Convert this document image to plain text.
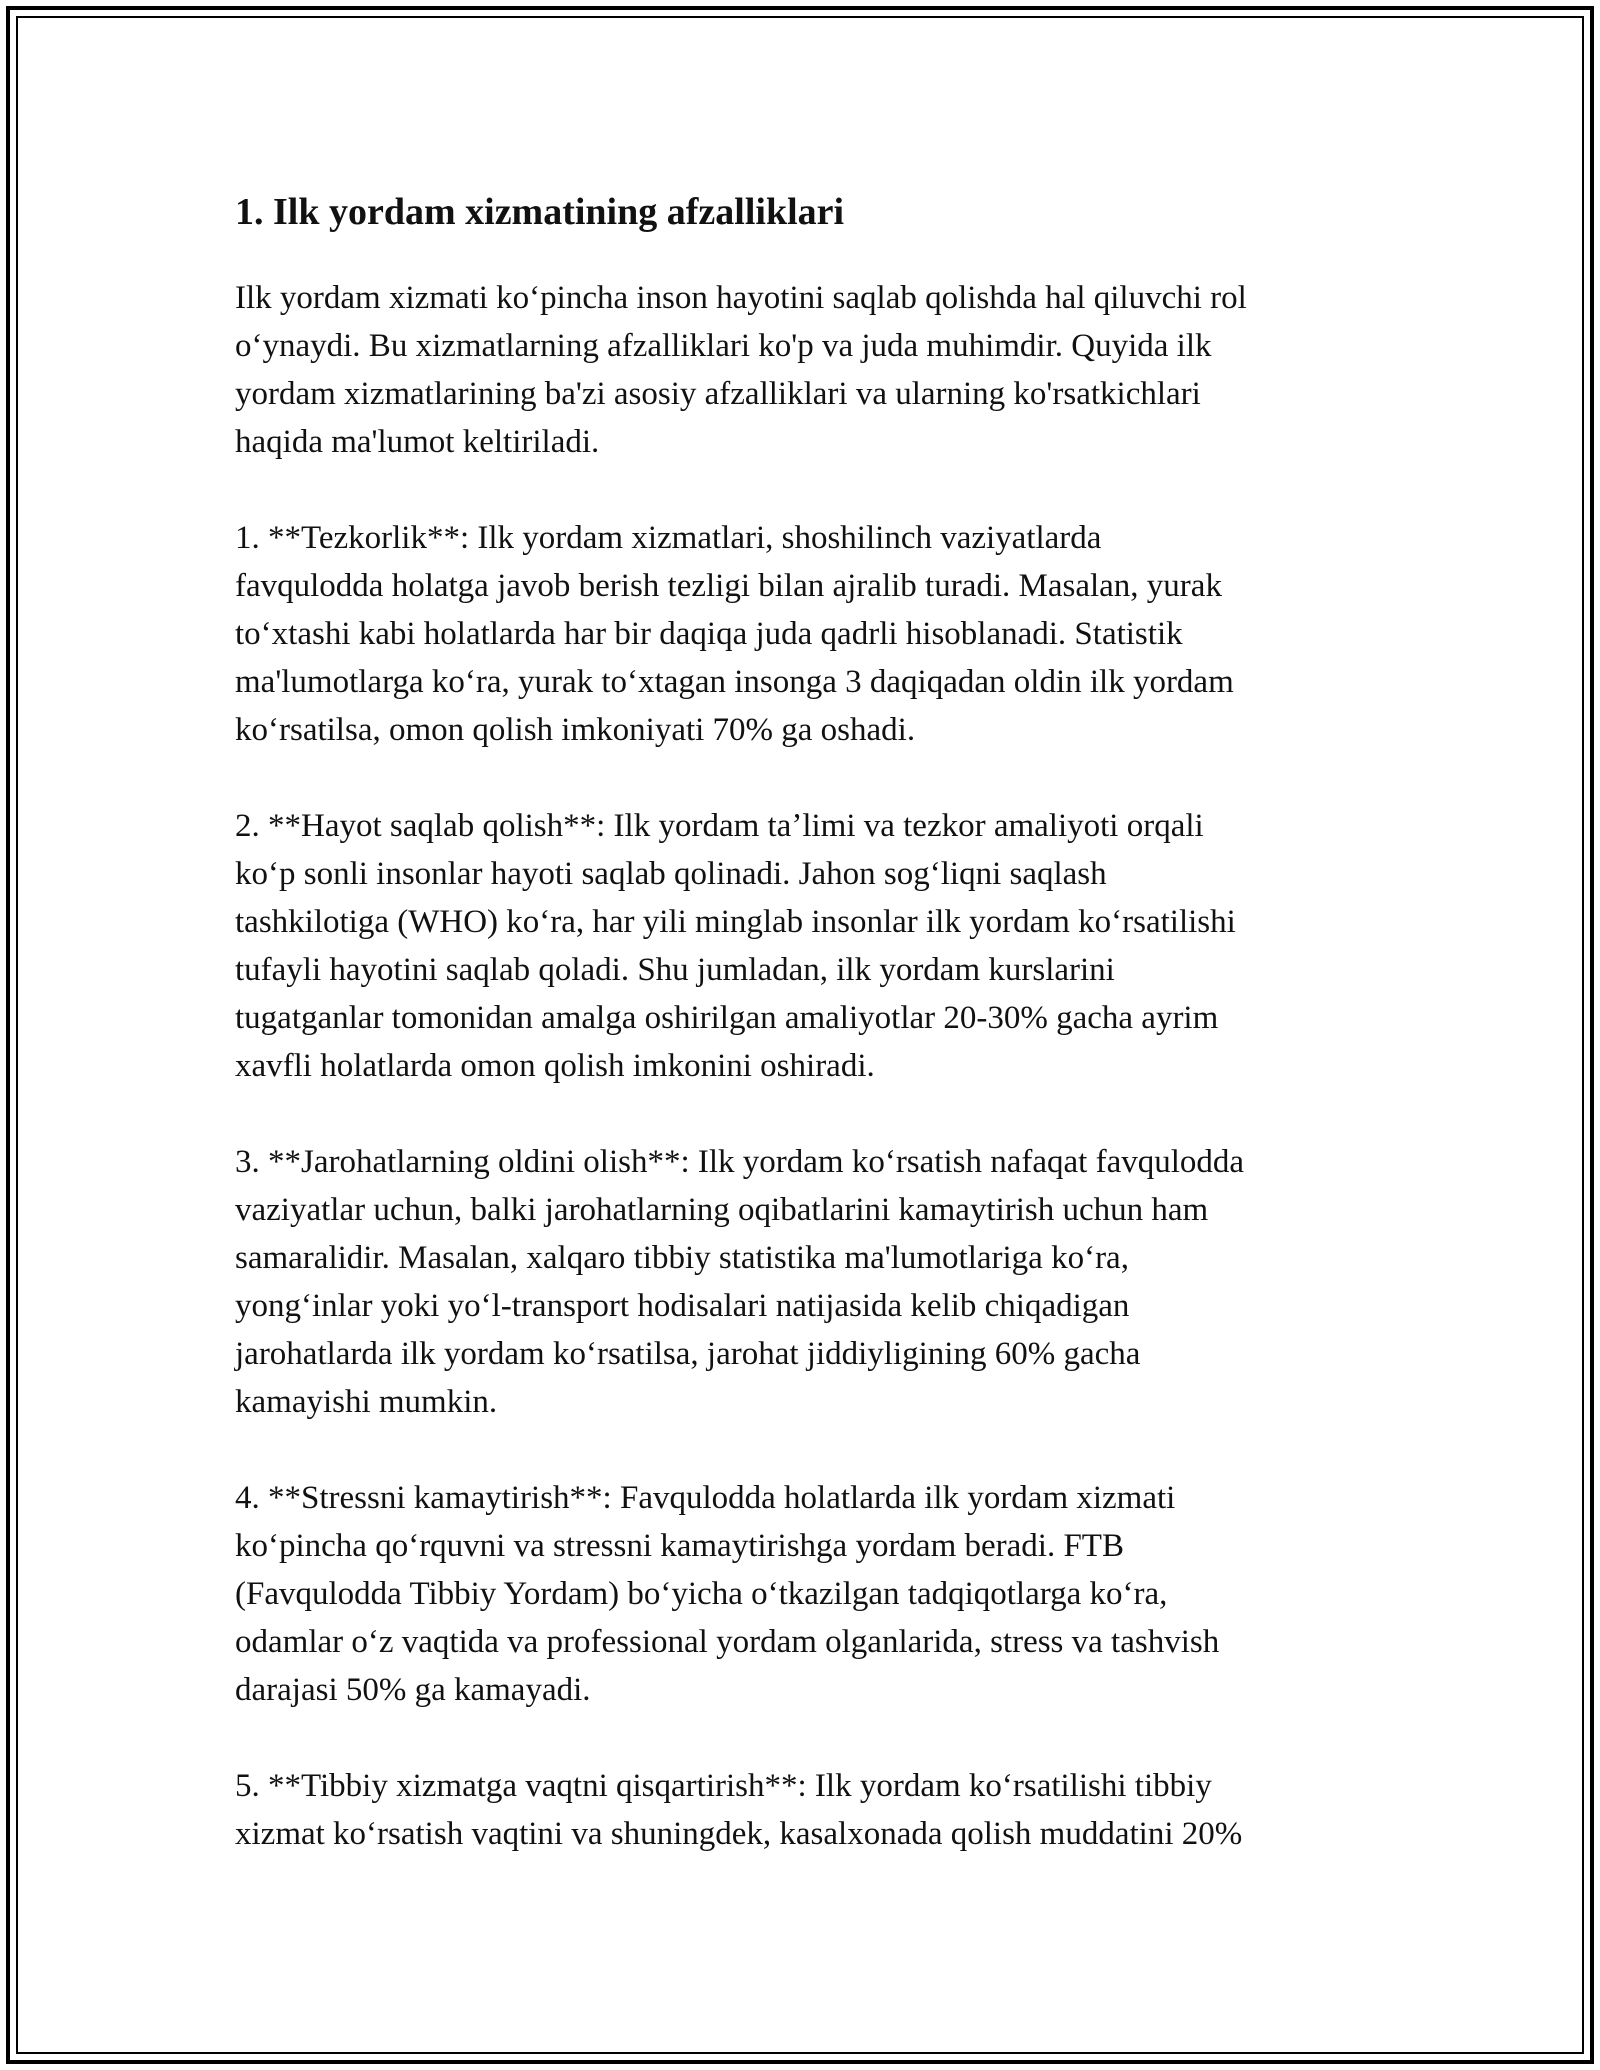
1. Ilk yordam xizmatining afzalliklari

Ilk yordam xizmati koʻpincha inson hayotini saqlab qolishda hal qiluvchi rol
oʻynaydi. Bu xizmatlarning afzalliklari ko'p va juda muhimdir. Quyida ilk
yordam xizmatlarining ba'zi asosiy afzalliklari va ularning ko'rsatkichlari
haqida ma'lumot keltiriladi.

1. **Tezkorlik**: Ilk yordam xizmatlari, shoshilinch vaziyatlarda
favqulodda holatga javob berish tezligi bilan ajralib turadi. Masalan, yurak
toʻxtashi kabi holatlarda har bir daqiqa juda qadrli hisoblanadi. Statistik
ma'lumotlarga koʻra, yurak toʻxtagan insonga 3 daqiqadan oldin ilk yordam
koʻrsatilsa, omon qolish imkoniyati 70% ga oshadi.

2. **Hayot saqlab qolish**: Ilk yordam taʼlimi va tezkor amaliyoti orqali
koʻp sonli insonlar hayoti saqlab qolinadi. Jahon sogʻliqni saqlash
tashkilotiga (WHO) koʻra, har yili minglab insonlar ilk yordam koʻrsatilishi
tufayli hayotini saqlab qoladi. Shu jumladan, ilk yordam kurslarini
tugatganlar tomonidan amalga oshirilgan amaliyotlar 20-30% gacha ayrim
xavfli holatlarda omon qolish imkonini oshiradi.

3. **Jarohatlarning oldini olish**: Ilk yordam koʻrsatish nafaqat favqulodda
vaziyatlar uchun, balki jarohatlarning oqibatlarini kamaytirish uchun ham
samaralidir. Masalan, xalqaro tibbiy statistika ma'lumotlariga koʻra,
yongʻinlar yoki yoʻl-transport hodisalari natijasida kelib chiqadigan
jarohatlarda ilk yordam koʻrsatilsa, jarohat jiddiyligining 60% gacha
kamayishi mumkin.

4. **Stressni kamaytirish**: Favqulodda holatlarda ilk yordam xizmati
koʻpincha qoʻrquvni va stressni kamaytirishga yordam beradi. FTB
(Favqulodda Tibbiy Yordam) boʻyicha oʻtkazilgan tadqiqotlarga koʻra,
odamlar oʻz vaqtida va professional yordam olganlarida, stress va tashvish
darajasi 50% ga kamayadi.

5. **Tibbiy xizmatga vaqtni qisqartirish**: Ilk yordam koʻrsatilishi tibbiy
xizmat koʻrsatish vaqtini va shuningdek, kasalxonada qolish muddatini 20%
